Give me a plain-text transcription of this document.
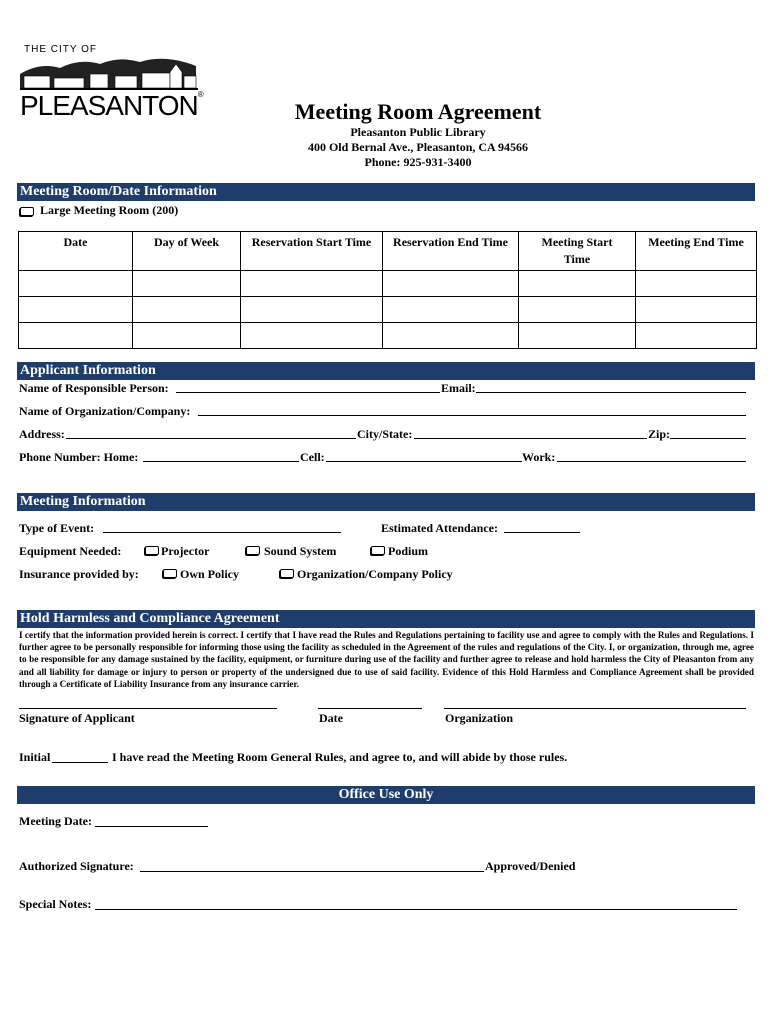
THE CITY OF
PLEASANTON®
Meeting Room Agreement
Pleasanton Public Library
400 Old Bernal Ave., Pleasanton, CA 94566
Phone: 925-931-3400
Meeting Room/Date Information
Large Meeting Room (200)
Date	Day of Week	Reservation Start Time	Reservation End Time	Meeting Start Time	Meeting End Time

Applicant Information
Name of Responsible Person:	Email:
Name of Organization/Company:
Address:	City/State:	Zip:
Phone Number: Home:	Cell:	Work:
Meeting Information
Type of Event:	Estimated Attendance:
Equipment Needed:	Projector	Sound System	Podium
Insurance provided by:	Own Policy	Organization/Company Policy
Hold Harmless and Compliance Agreement
I certify that the information provided herein is correct. I certify that I have read the Rules and Regulations pertaining to facility use and agree to comply with the Rules and Regulations. I further agree to be personally responsible for informing those using the facility as scheduled in the Agreement of the rules and regulations of the City. I, or organization, through me, agree to be responsible for any damage sustained by the facility, equipment, or furniture during use of the facility and further agree to release and hold harmless the City of Pleasanton from any and all liability for damage or injury to person or property of the undersigned due to use of said facility. Evidence of this Hold Harmless and Compliance Agreement shall be provided through a Certificate of Liability Insurance from any insurance carrier.
Signature of Applicant	Date	Organization
Initial	I have read the Meeting Room General Rules, and agree to, and will abide by those rules.
Office Use Only
Meeting Date:
Authorized Signature:	Approved/Denied
Special Notes:
